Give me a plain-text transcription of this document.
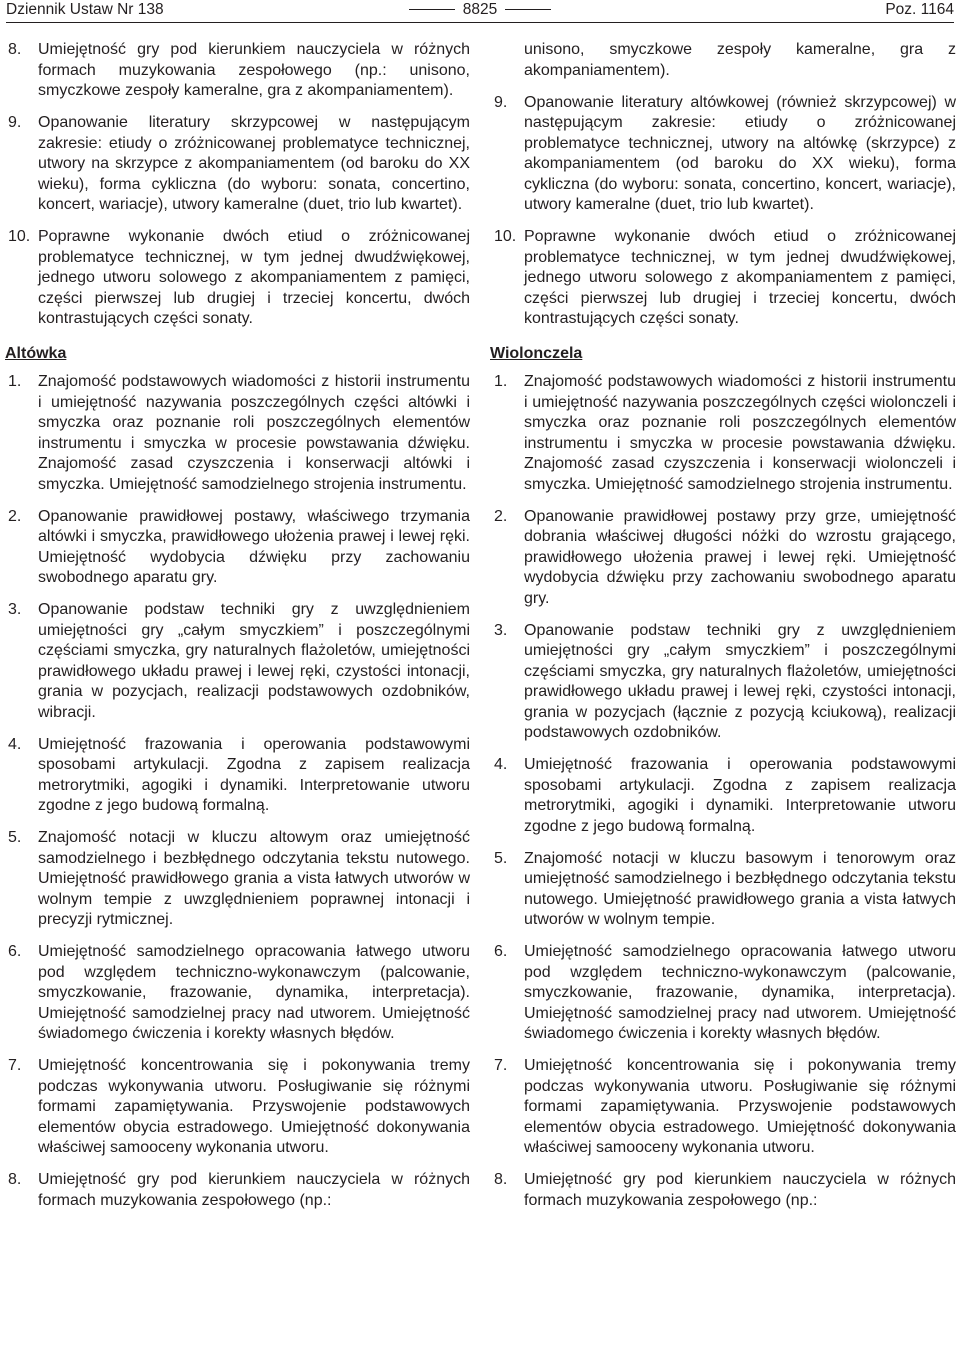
Dziennik Ustaw Nr 138	8825	Poz. 1164

8. Umiejętność gry pod kierunkiem nauczyciela w różnych formach muzykowania zespołowego (np.: unisono, smyczkowe zespoły kameralne, gra z akompaniamentem).

9. Opanowanie literatury skrzypcowej w następującym zakresie: etiudy o zróżnicowanej problematyce technicznej, utwory na skrzypce z akompaniamentem (od baroku do XX wieku), forma cykliczna (do wyboru: sonata, concertino, koncert, wariacje), utwory kameralne (duet, trio lub kwartet).

10. Poprawne wykonanie dwóch etiud o zróżnicowanej problematyce technicznej, w tym jednej dwudźwiękowej, jednego utworu solowego z akompaniamentem z pamięci, części pierwszej lub drugiej i trzeciej koncertu, dwóch kontrastujących części sonaty.

Altówka

1. Znajomość podstawowych wiadomości z historii instrumentu i umiejętność nazywania poszczególnych części altówki i smyczka oraz poznanie roli poszczególnych elementów instrumentu i smyczka w procesie powstawania dźwięku. Znajomość zasad czyszczenia i konserwacji altówki i smyczka. Umiejętność samodzielnego strojenia instrumentu.

2. Opanowanie prawidłowej postawy, właściwego trzymania altówki i smyczka, prawidłowego ułożenia prawej i lewej ręki. Umiejętność wydobycia dźwięku przy zachowaniu swobodnego aparatu gry.

3. Opanowanie podstaw techniki gry z uwzględnieniem umiejętności gry „całym smyczkiem” i poszczególnymi częściami smyczka, gry naturalnych flażoletów, umiejętności prawidłowego układu prawej i lewej ręki, czystości intonacji, grania w pozycjach, realizacji podstawowych ozdobników, wibracji.

4. Umiejętność frazowania i operowania podstawowymi sposobami artykulacji. Zgodna z zapisem realizacja metrorytmiki, agogiki i dynamiki. Interpretowanie utworu zgodne z jego budową formalną.

5. Znajomość notacji w kluczu altowym oraz umiejętność samodzielnego i bezbłędnego odczytania tekstu nutowego. Umiejętność prawidłowego grania a vista łatwych utworów w wolnym tempie z uwzględnieniem poprawnej intonacji i precyzji rytmicznej.

6. Umiejętność samodzielnego opracowania łatwego utworu pod względem techniczno-wykonawczym (palcowanie, smyczkowanie, frazowanie, dynamika, interpretacja). Umiejętność samodzielnej pracy nad utworem. Umiejętność świadomego ćwiczenia i korekty własnych błędów.

7. Umiejętność koncentrowania się i pokonywania tremy podczas wykonywania utworu. Posługiwanie się różnymi formami zapamiętywania. Przyswojenie podstawowych elementów obycia estradowego. Umiejętność dokonywania właściwej samooceny wykonania utworu.

8. Umiejętność gry pod kierunkiem nauczyciela w różnych formach muzykowania zespołowego (np.:

unisono, smyczkowe zespoły kameralne, gra z akompaniamentem).

9. Opanowanie literatury altówkowej (również skrzypcowej) w następującym zakresie: etiudy o zróżnicowanej problematyce technicznej, utwory na altówkę (skrzypce) z akompaniamentem (od baroku do XX wieku), forma cykliczna (do wyboru: sonata, concertino, koncert, wariacje), utwory kameralne (duet, trio lub kwartet).

10. Poprawne wykonanie dwóch etiud o zróżnicowanej problematyce technicznej, w tym jednej dwudźwiękowej, jednego utworu solowego z akompaniamentem z pamięci, części pierwszej lub drugiej i trzeciej koncertu, dwóch kontrastujących części sonaty.

Wiolonczela

1. Znajomość podstawowych wiadomości z historii instrumentu i umiejętność nazywania poszczególnych części wiolonczeli i smyczka oraz poznanie roli poszczególnych elementów instrumentu i smyczka w procesie powstawania dźwięku. Znajomość zasad czyszczenia i konserwacji wiolonczeli i smyczka. Umiejętność samodzielnego strojenia instrumentu.

2. Opanowanie prawidłowej postawy przy grze, umiejętność dobrania właściwej długości nóżki do wzrostu grającego, prawidłowego ułożenia prawej i lewej ręki. Umiejętność wydobycia dźwięku przy zachowaniu swobodnego aparatu gry.

3. Opanowanie podstaw techniki gry z uwzględnieniem umiejętności gry „całym smyczkiem” i poszczególnymi częściami smyczka, gry naturalnych flażoletów, umiejętności prawidłowego układu prawej i lewej ręki, czystości intonacji, grania w pozycjach (łącznie z pozycją kciukową), realizacji podstawowych ozdobników.

4. Umiejętność frazowania i operowania podstawowymi sposobami artykulacji. Zgodna z zapisem realizacja metrorytmiki, agogiki i dynamiki. Interpretowanie utworu zgodne z jego budową formalną.

5. Znajomość notacji w kluczu basowym i tenorowym oraz umiejętność samodzielnego i bezbłędnego odczytania tekstu nutowego. Umiejętność prawidłowego grania a vista łatwych utworów w wolnym tempie.

6. Umiejętność samodzielnego opracowania łatwego utworu pod względem techniczno-wykonawczym (palcowanie, smyczkowanie, frazowanie, dynamika, interpretacja). Umiejętność samodzielnej pracy nad utworem. Umiejętność świadomego ćwiczenia i korekty własnych błędów.

7. Umiejętność koncentrowania się i pokonywania tremy podczas wykonywania utworu. Posługiwanie się różnymi formami zapamiętywania. Przyswojenie podstawowych elementów obycia estradowego. Umiejętność dokonywania właściwej samooceny wykonania utworu.

8. Umiejętność gry pod kierunkiem nauczyciela w różnych formach muzykowania zespołowego (np.:
